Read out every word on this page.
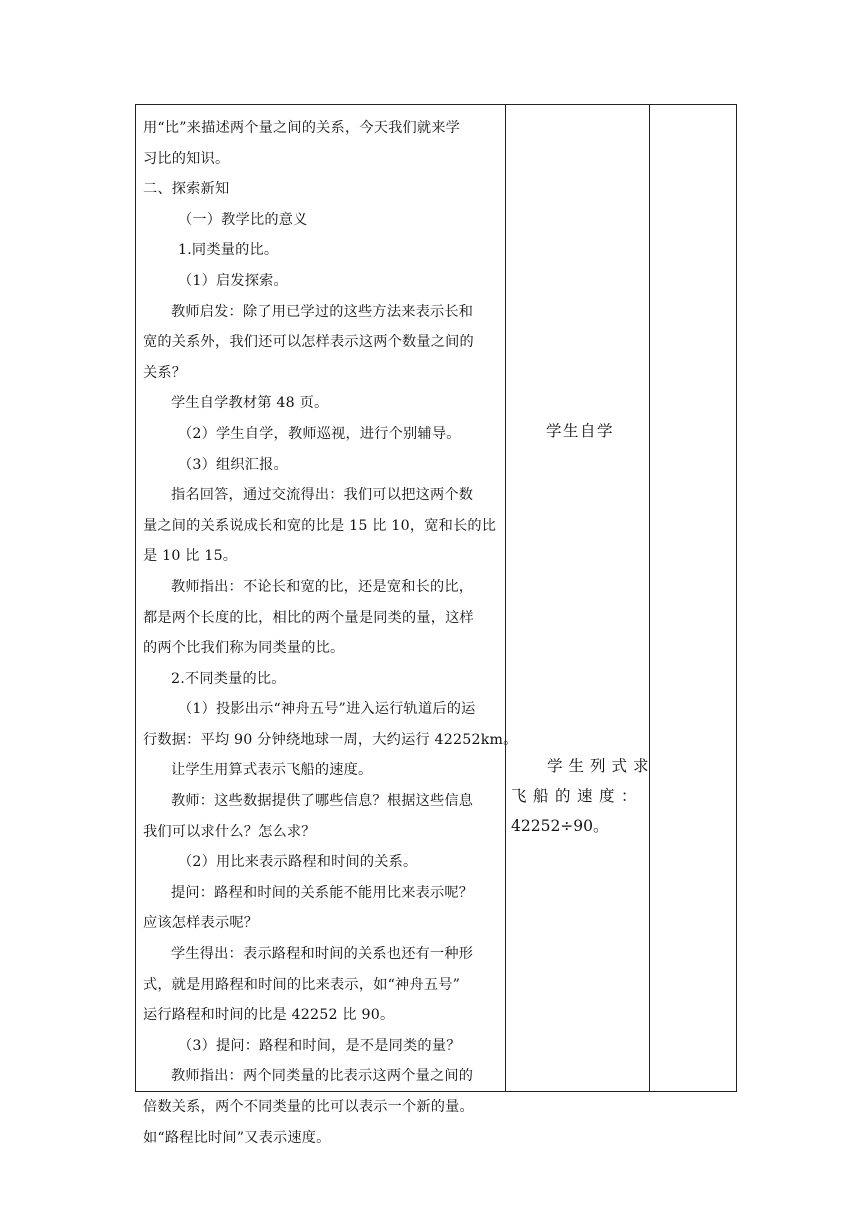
用“比”来描述两个量之间的关系，今天我们就来学
习比的知识。
二、探索新知
（一）教学比的意义
1.同类量的比。
（1）启发探索。
教师启发：除了用已学过的这些方法来表示长和
宽的关系外，我们还可以怎样表示这两个数量之间的
关系？
学生自学教材第 48 页。
（2）学生自学，教师巡视，进行个别辅导。
（3）组织汇报。
指名回答，通过交流得出：我们可以把这两个数
量之间的关系说成长和宽的比是 15 比 10，宽和长的比
是 10 比 15。
教师指出：不论长和宽的比，还是宽和长的比，
都是两个长度的比，相比的两个量是同类的量，这样
的两个比我们称为同类量的比。
2.不同类量的比。
（1）投影出示“神舟五号”进入运行轨道后的运
行数据：平均 90 分钟绕地球一周，大约运行 42252km。
让学生用算式表示飞船的速度。
教师：这些数据提供了哪些信息？根据这些信息
我们可以求什么？怎么求？
（2）用比来表示路程和时间的关系。
提问：路程和时间的关系能不能用比来表示呢？
应该怎样表示呢？
学生得出：表示路程和时间的关系也还有一种形
式，就是用路程和时间的比来表示，如“神舟五号”
运行路程和时间的比是 42252 比 90。
（3）提问：路程和时间，是不是同类的量？
教师指出：两个同类量的比表示这两个量之间的
倍数关系，两个不同类量的比可以表示一个新的量。
如“路程比时间”又表示速度。
学生自学
学生列式求
飞船的速度：
42252÷90。
